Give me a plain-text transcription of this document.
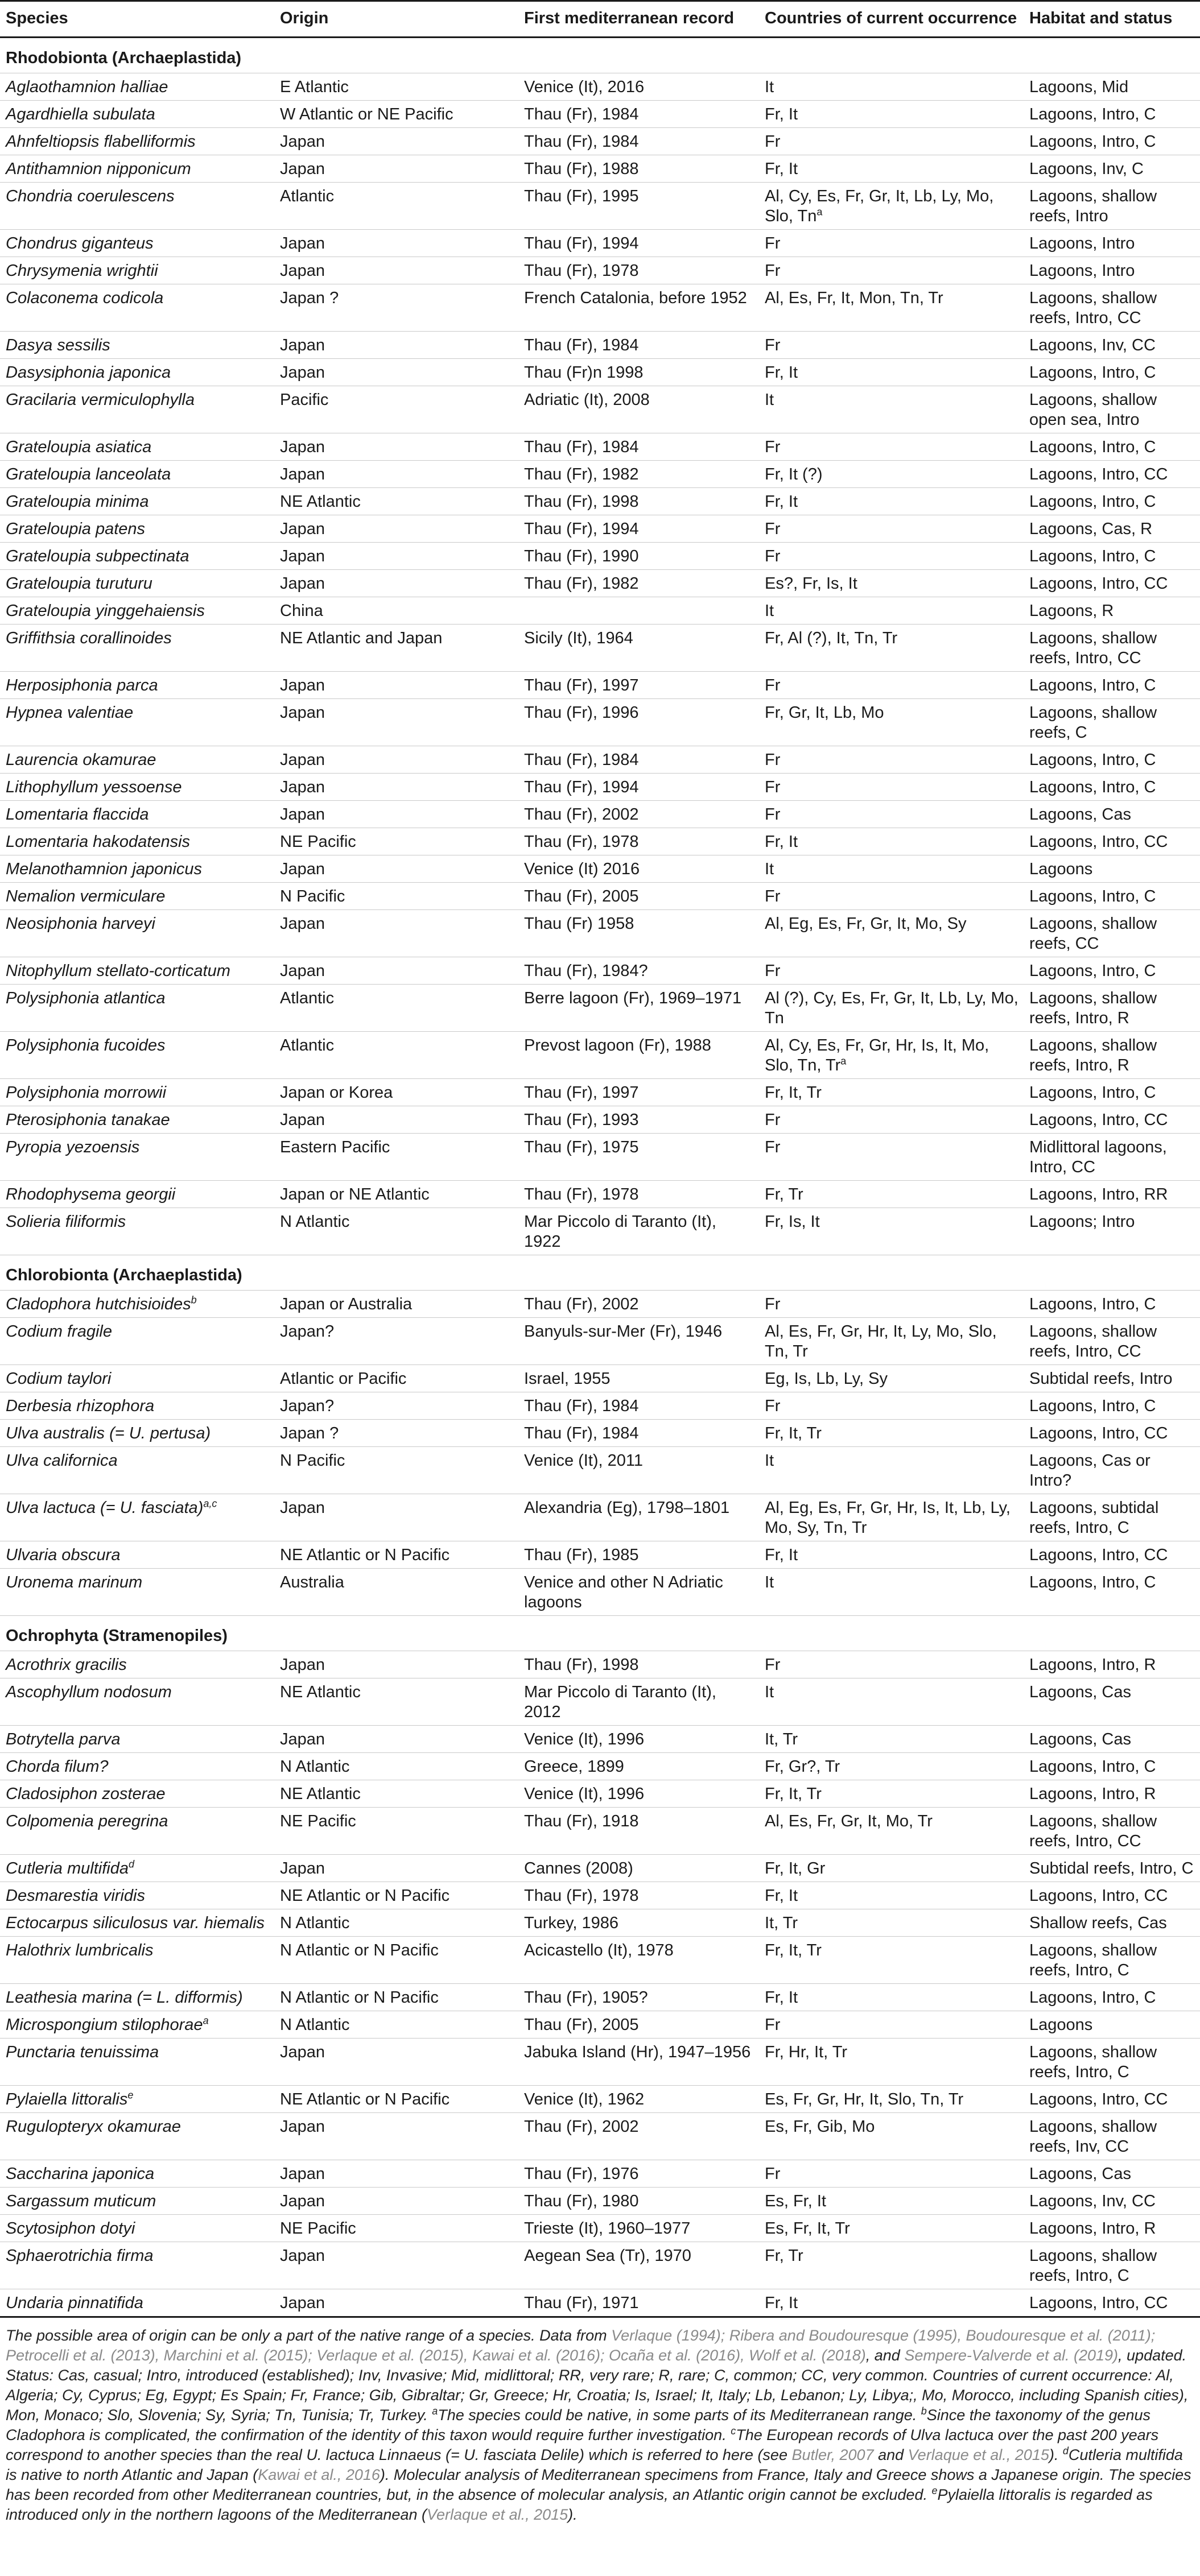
Species	Origin	First mediterranean record	Countries of current occurrence	Habitat and status
Rhodobionta (Archaeplastida)				
Aglaothamnion halliae	E Atlantic	Venice (It), 2016	It	Lagoons, Mid
Agardhiella subulata	W Atlantic or NE Pacific	Thau (Fr), 1984	Fr, It	Lagoons, Intro, C
Ahnfeltiopsis flabelliformis	Japan	Thau (Fr), 1984	Fr	Lagoons, Intro, C
Antithamnion nipponicum	Japan	Thau (Fr), 1988	Fr, It	Lagoons, Inv, C
Chondria coerulescens	Atlantic	Thau (Fr), 1995	Al, Cy, Es, Fr, Gr, It, Lb, Ly, Mo, Slo, Tn$^a$	Lagoons, shallow reefs, Intro
Chondrus giganteus	Japan	Thau (Fr), 1994	Fr	Lagoons, Intro
Chrysymenia wrightii	Japan	Thau (Fr), 1978	Fr	Lagoons, Intro
Colaconema codicola	Japan ?	French Catalonia, before 1952	Al, Es, Fr, It, Mon, Tn, Tr	Lagoons, shallow reefs, Intro, CC
Dasya sessilis	Japan	Thau (Fr), 1984	Fr	Lagoons, Inv, CC
Dasysiphonia japonica	Japan	Thau (Fr)n 1998	Fr, It	Lagoons, Intro, C
Gracilaria vermiculophylla	Pacific	Adriatic (It), 2008	It	Lagoons, shallow open sea, Intro
Grateloupia asiatica	Japan	Thau (Fr), 1984	Fr	Lagoons, Intro, C
Grateloupia lanceolata	Japan	Thau (Fr), 1982	Fr, It (?)	Lagoons, Intro, CC
Grateloupia minima	NE Atlantic	Thau (Fr), 1998	Fr, It	Lagoons, Intro, C
Grateloupia patens	Japan	Thau (Fr), 1994	Fr	Lagoons, Cas, R
Grateloupia subpectinata	Japan	Thau (Fr), 1990	Fr	Lagoons, Intro, C
Grateloupia turuturu	Japan	Thau (Fr), 1982	Es?, Fr, Is, It	Lagoons, Intro, CC
Grateloupia yinggehaiensis	China		It	Lagoons, R
Griffithsia corallinoides	NE Atlantic and Japan	Sicily (It), 1964	Fr, Al (?), It, Tn, Tr	Lagoons, shallow reefs, Intro, CC
Herposiphonia parca	Japan	Thau (Fr), 1997	Fr	Lagoons, Intro, C
Hypnea valentiae	Japan	Thau (Fr), 1996	Fr, Gr, It, Lb, Mo	Lagoons, shallow reefs, C
Laurencia okamurae	Japan	Thau (Fr), 1984	Fr	Lagoons, Intro, C
Lithophyllum yessoense	Japan	Thau (Fr), 1994	Fr	Lagoons, Intro, C
Lomentaria flaccida	Japan	Thau (Fr), 2002	Fr	Lagoons, Cas
Lomentaria hakodatensis	NE Pacific	Thau (Fr), 1978	Fr, It	Lagoons, Intro, CC
Melanothamnion japonicus	Japan	Venice (It) 2016	It	Lagoons
Nemalion vermiculare	N Pacific	Thau (Fr), 2005	Fr	Lagoons, Intro, C
Neosiphonia harveyi	Japan	Thau (Fr) 1958	Al, Eg, Es, Fr, Gr, It, Mo, Sy	Lagoons, shallow reefs, CC
Nitophyllum stellato-corticatum	Japan	Thau (Fr), 1984?	Fr	Lagoons, Intro, C
Polysiphonia atlantica	Atlantic	Berre lagoon (Fr), 1969–1971	Al (?), Cy, Es, Fr, Gr, It, Lb, Ly, Mo, Tn	Lagoons, shallow reefs, Intro, R
Polysiphonia fucoides	Atlantic	Prevost lagoon (Fr), 1988	Al, Cy, Es, Fr, Gr, Hr, Is, It, Mo, Slo, Tn, Tr$^a$	Lagoons, shallow reefs, Intro, R
Polysiphonia morrowii	Japan or Korea	Thau (Fr), 1997	Fr, It, Tr	Lagoons, Intro, C
Pterosiphonia tanakae	Japan	Thau (Fr), 1993	Fr	Lagoons, Intro, CC
Pyropia yezoensis	Eastern Pacific	Thau (Fr), 1975	Fr	Midlittoral lagoons, Intro, CC
Rhodophysema georgii	Japan or NE Atlantic	Thau (Fr), 1978	Fr, Tr	Lagoons, Intro, RR
Solieria filiformis	N Atlantic	Mar Piccolo di Taranto (It), 1922	Fr, Is, It	Lagoons; Intro
Chlorobionta (Archaeplastida)				
Cladophora hutchisioides$^b$	Japan or Australia	Thau (Fr), 2002	Fr	Lagoons, Intro, C
Codium fragile	Japan?	Banyuls-sur-Mer (Fr), 1946	Al, Es, Fr, Gr, Hr, It, Ly, Mo, Slo, Tn, Tr	Lagoons, shallow reefs, Intro, CC
Codium taylori	Atlantic or Pacific	Israel, 1955	Eg, Is, Lb, Ly, Sy	Subtidal reefs, Intro
Derbesia rhizophora	Japan?	Thau (Fr), 1984	Fr	Lagoons, Intro, C
Ulva australis (= U. pertusa)	Japan ?	Thau (Fr), 1984	Fr, It, Tr	Lagoons, Intro, CC
Ulva californica	N Pacific	Venice (It), 2011	It	Lagoons, Cas or Intro?
Ulva lactuca (= U. fasciata)$^{a,c}$	Japan	Alexandria (Eg), 1798–1801	Al, Eg, Es, Fr, Gr, Hr, Is, It, Lb, Ly, Mo, Sy, Tn, Tr	Lagoons, subtidal reefs, Intro, C
Ulvaria obscura	NE Atlantic or N Pacific	Thau (Fr), 1985	Fr, It	Lagoons, Intro, CC
Uronema marinum	Australia	Venice and other N Adriatic lagoons	It	Lagoons, Intro, C
Ochrophyta (Stramenopiles)				
Acrothrix gracilis	Japan	Thau (Fr), 1998	Fr	Lagoons, Intro, R
Ascophyllum nodosum	NE Atlantic	Mar Piccolo di Taranto (It), 2012	It	Lagoons, Cas
Botrytella parva	Japan	Venice (It), 1996	It, Tr	Lagoons, Cas
Chorda filum?	N Atlantic	Greece, 1899	Fr, Gr?, Tr	Lagoons, Intro, C
Cladosiphon zosterae	NE Atlantic	Venice (It), 1996	Fr, It, Tr	Lagoons, Intro, R
Colpomenia peregrina	NE Pacific	Thau (Fr), 1918	Al, Es, Fr, Gr, It, Mo, Tr	Lagoons, shallow reefs, Intro, CC
Cutleria multifida$^d$	Japan	Cannes (2008)	Fr, It, Gr	Subtidal reefs, Intro, C
Desmarestia viridis	NE Atlantic or N Pacific	Thau (Fr), 1978	Fr, It	Lagoons, Intro, CC
Ectocarpus siliculosus var. hiemalis	N Atlantic	Turkey, 1986	It, Tr	Shallow reefs, Cas
Halothrix lumbricalis	N Atlantic or N Pacific	Acicastello (It), 1978	Fr, It, Tr	Lagoons, shallow reefs, Intro, C
Leathesia marina (= L. difformis)	N Atlantic or N Pacific	Thau (Fr), 1905?	Fr, It	Lagoons, Intro, C
Microspongium stilophorae$^a$	N Atlantic	Thau (Fr), 2005	Fr	Lagoons
Punctaria tenuissima	Japan	Jabuka Island (Hr), 1947–1956	Fr, Hr, It, Tr	Lagoons, shallow reefs, Intro, C
Pylaiella littoralis$^e$	NE Atlantic or N Pacific	Venice (It), 1962	Es, Fr, Gr, Hr, It, Slo, Tn, Tr	Lagoons, Intro, CC
Rugulopteryx okamurae	Japan	Thau (Fr), 2002	Es, Fr, Gib, Mo	Lagoons, shallow reefs, Inv, CC
Saccharina japonica	Japan	Thau (Fr), 1976	Fr	Lagoons, Cas
Sargassum muticum	Japan	Thau (Fr), 1980	Es, Fr, It	Lagoons, Inv, CC
Scytosiphon dotyi	NE Pacific	Trieste (It), 1960–1977	Es, Fr, It, Tr	Lagoons, Intro, R
Sphaerotrichia firma	Japan	Aegean Sea (Tr), 1970	Fr, Tr	Lagoons, shallow reefs, Intro, C
Undaria pinnatifida	Japan	Thau (Fr), 1971	Fr, It	Lagoons, Intro, CC

The possible area of origin can be only a part of the native range of a species. Data from Verlaque (1994); Ribera and Boudouresque (1995), Boudouresque et al. (2011); Petrocelli et al. (2013), Marchini et al. (2015); Verlaque et al. (2015), Kawai et al. (2016); Ocaña et al. (2016), Wolf et al. (2018), and Sempere-Valverde et al. (2019), updated. Status: Cas, casual; Intro, introduced (established); Inv, Invasive; Mid, midlittoral; RR, very rare; R, rare; C, common; CC, very common. Countries of current occurrence: Al, Algeria; Cy, Cyprus; Eg, Egypt; Es Spain; Fr, France; Gib, Gibraltar; Gr, Greece; Hr, Croatia; Is, Israel; It, Italy; Lb, Lebanon; Ly, Libya;, Mo, Morocco, including Spanish cities), Mon, Monaco; Slo, Slovenia; Sy, Syria; Tn, Tunisia; Tr, Turkey. $^a$The species could be native, in some parts of its Mediterranean range. $^b$Since the taxonomy of the genus Cladophora is complicated, the confirmation of the identity of this taxon would require further investigation. $^c$The European records of Ulva lactuca over the past 200 years correspond to another species than the real U. lactuca Linnaeus (= U. fasciata Delile) which is referred to here (see Butler, 2007 and Verlaque et al., 2015). $^d$Cutleria multifida is native to north Atlantic and Japan (Kawai et al., 2016). Molecular analysis of Mediterranean specimens from France, Italy and Greece shows a Japanese origin. The species has been recorded from other Mediterranean countries, but, in the absence of molecular analysis, an Atlantic origin cannot be excluded. $^e$Pylaiella littoralis is regarded as introduced only in the northern lagoons of the Mediterranean (Verlaque et al., 2015).
